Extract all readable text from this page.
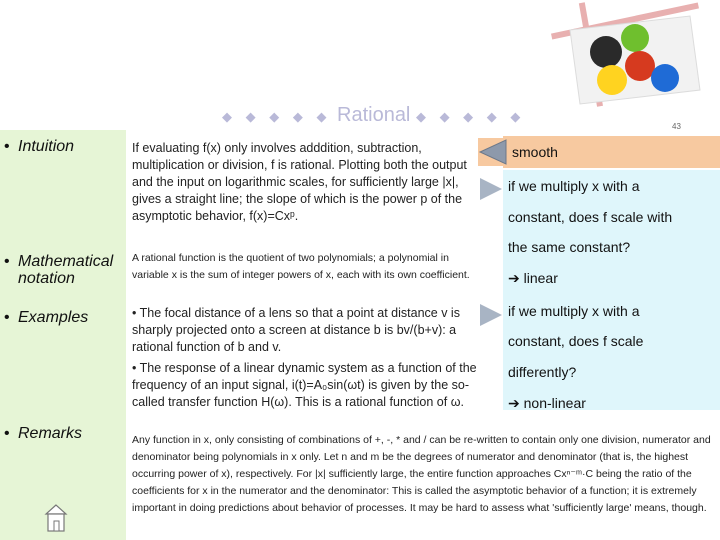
◆ ◆ ◆ ◆ ◆ Rational ◆ ◆ ◆ ◆ ◆
43
• Intuition
• Mathematical
notation
• Examples
• Remarks
If evaluating f(x) only involves adddition, subtraction, multiplication or division, f is rational. Plotting both the output and the input on logarithmic scales, for sufficiently large |x|, gives a straight line; the slope of which is the power p of the asymptotic behavior, f(x)=Cxᵖ.
A rational function is the quotient of two polynomials; a polynomial in variable x is the sum of integer powers of x, each with its own coefficient.
• The focal distance of a lens so that a point at distance v is sharply projected onto a screen at distance b is bv/(b+v): a rational function of b and v.
• The response of a linear dynamic system as a function of the frequency of an input signal, i(t)=A₀sin(ωt) is given by the so-called transfer function H(ω). This is a rational function of ω.
Any function in x, only consisting of combinations of +, -, * and / can be re-written to contain only one division, numerator and denominator being polynomials in x only. Let n and m be the degrees of numerator and denominator (that is, the highest occurring power of x), respectively. For |x| sufficiently large, the entire function approaches Cxⁿ⁻ᵐ·C being the ratio of the coefficients for x in the numerator and the denominator: This is called the asymptotic behavior of a function; it is extremely important in doing predictions about behavior of processes. It may be hard to assess what 'sufficiently large' means, though.
smooth
if we multiply x with a
constant, does f scale with
the same constant?
➔ linear
if we multiply x with a
constant, does f scale
differently?
➔ non-linear
